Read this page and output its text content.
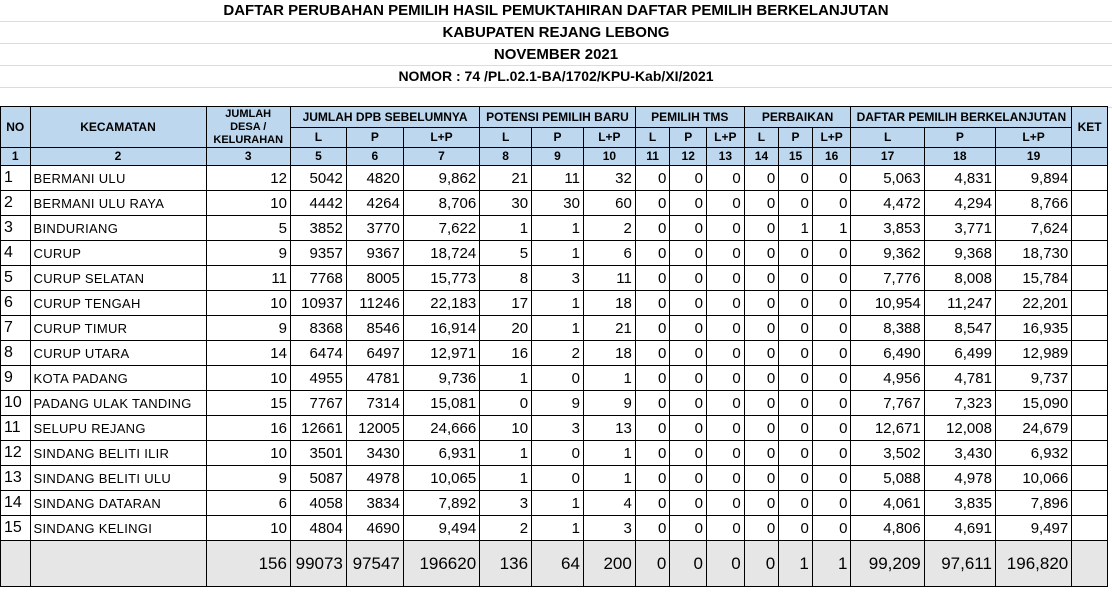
DAFTAR PERUBAHAN PEMILIH HASIL PEMUKTAHIRAN DAFTAR PEMILIH BERKELANJUTAN
KABUPATEN REJANG LEBONG
NOVEMBER 2021
NOMOR : 74 /PL.02.1-BA/1702/KPU-Kab/XI/2021
NO	KECAMATAN	JUMLAH DESA / KELURAHAN	JUMLAH DPB SEBELUMNYA			POTENSI PEMILIH BARU			PEMILIH TMS			PERBAIKAN			DAFTAR PEMILIH BERKELANJUTAN			KET
			L	P	L+P	L	P	L+P	L	P	L+P	L	P	L+P	L	P	L+P	
1	2	3	5	6	7	8	9	10	11	12	13	14	15	16	17	18	19	
1	BERMANI ULU	12	5042	4820	9,862	21	11	32	0	0	0	0	0	0	5,063	4,831	9,894	
2	BERMANI ULU RAYA	10	4442	4264	8,706	30	30	60	0	0	0	0	0	0	4,472	4,294	8,766	
3	BINDURIANG	5	3852	3770	7,622	1	1	2	0	0	0	0	1	1	3,853	3,771	7,624	
4	CURUP	9	9357	9367	18,724	5	1	6	0	0	0	0	0	0	9,362	9,368	18,730	
5	CURUP SELATAN	11	7768	8005	15,773	8	3	11	0	0	0	0	0	0	7,776	8,008	15,784	
6	CURUP TENGAH	10	10937	11246	22,183	17	1	18	0	0	0	0	0	0	10,954	11,247	22,201	
7	CURUP TIMUR	9	8368	8546	16,914	20	1	21	0	0	0	0	0	0	8,388	8,547	16,935	
8	CURUP UTARA	14	6474	6497	12,971	16	2	18	0	0	0	0	0	0	6,490	6,499	12,989	
9	KOTA PADANG	10	4955	4781	9,736	1	0	1	0	0	0	0	0	0	4,956	4,781	9,737	
10	PADANG ULAK TANDING	15	7767	7314	15,081	0	9	9	0	0	0	0	0	0	7,767	7,323	15,090	
11	SELUPU REJANG	16	12661	12005	24,666	10	3	13	0	0	0	0	0	0	12,671	12,008	24,679	
12	SINDANG BELITI ILIR	10	3501	3430	6,931	1	0	1	0	0	0	0	0	0	3,502	3,430	6,932	
13	SINDANG BELITI ULU	9	5087	4978	10,065	1	0	1	0	0	0	0	0	0	5,088	4,978	10,066	
14	SINDANG DATARAN	6	4058	3834	7,892	3	1	4	0	0	0	0	0	0	4,061	3,835	7,896	
15	SINDANG KELINGI	10	4804	4690	9,494	2	1	3	0	0	0	0	0	0	4,806	4,691	9,497	
		156	99073	97547	196620	136	64	200	0	0	0	0	1	1	99,209	97,611	196,820	
